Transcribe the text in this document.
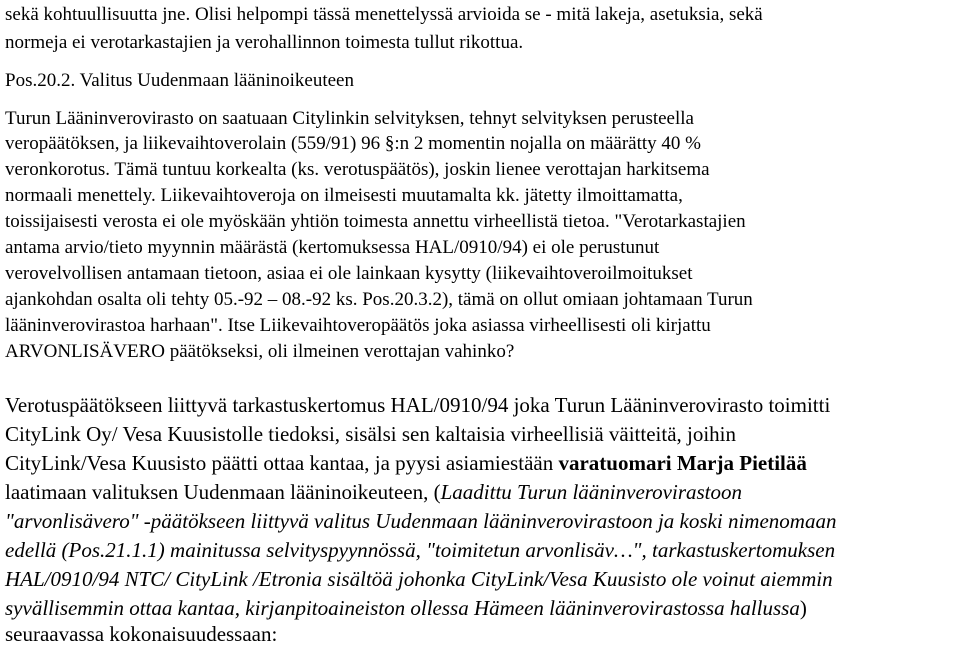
sekä kohtuullisuutta jne. Olisi helpompi tässä menettelyssä arvioida se - mitä lakeja, asetuksia, sekä
normeja ei verotarkastajien ja verohallinnon toimesta tullut rikottua.
Pos.20.2. Valitus Uudenmaan lääninoikeuteen
Turun Lääninverovirasto on saatuaan Citylinkin selvityksen, tehnyt selvityksen perusteella
veropäätöksen, ja liikevaihtoverolain (559/91) 96 §:n 2 momentin nojalla on määrätty 40 %
veronkorotus. Tämä tuntuu korkealta (ks. verotuspäätös), joskin lienee verottajan harkitsema
normaali menettely. Liikevaihtoveroja on ilmeisesti muutamalta kk. jätetty ilmoittamatta,
toissijaisesti verosta ei ole myöskään yhtiön toimesta annettu virheellistä tietoa. "Verotarkastajien
antama arvio/tieto myynnin määrästä (kertomuksessa HAL/0910/94) ei ole perustunut
verovelvollisen antamaan tietoon, asiaa ei ole lainkaan kysytty (liikevaihtoveroilmoitukset
ajankohdan osalta oli tehty 05.-92 – 08.-92 ks. Pos.20.3.2), tämä on ollut omiaan johtamaan Turun
lääninverovirastoa harhaan". Itse Liikevaihtoveropäätös joka asiassa virheellisesti oli kirjattu
ARVONLISÄVERO päätökseksi, oli ilmeinen verottajan vahinko?
Verotuspäätökseen liittyvä tarkastuskertomus HAL/0910/94 joka Turun Lääninverovirasto toimitti
CityLink Oy/ Vesa Kuusistolle tiedoksi, sisälsi sen kaltaisia virheellisiä väitteitä, joihin
CityLink/Vesa Kuusisto päätti ottaa kantaa, ja pyysi asiamiestään varatuomari Marja Pietilää
laatimaan valituksen Uudenmaan lääninoikeuteen, (Laadittu Turun lääninverovirastoon
"arvonlisävero" -päätökseen liittyvä valitus Uudenmaan lääninverovirastoon ja koski nimenomaan
edellä (Pos.21.1.1) mainitussa selvityspyynnössä, "toimitetun arvonlisäv…", tarkastuskertomuksen
HAL/0910/94 NTC/ CityLink /Etronia sisältöä johonka CityLink/Vesa Kuusisto ole voinut aiemmin
syvällisemmin ottaa kantaa, kirjanpitoaineiston ollessa Hämeen lääninverovirastossa hallussa)
seuraavassa kokonaisuudessaan:
